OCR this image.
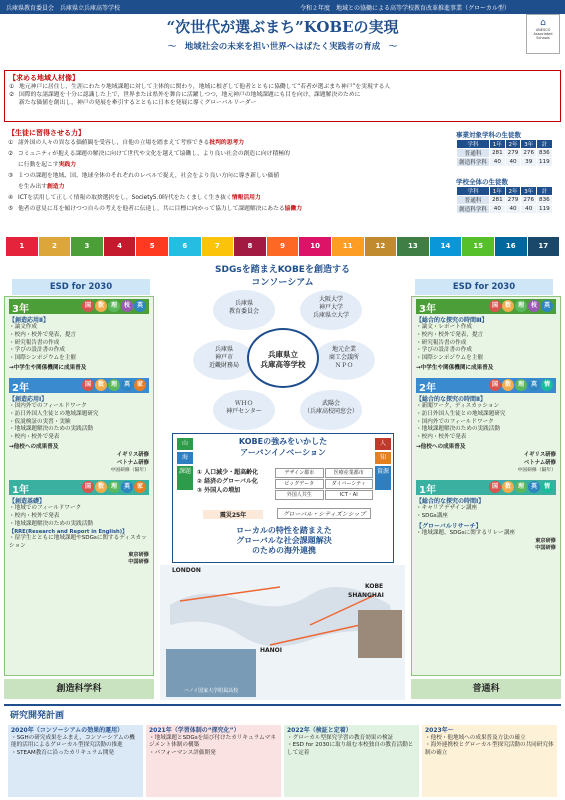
兵庫県教育委員会　兵庫県立兵庫高等学校	令和２年度　地域との協働による高等学校教育改革推進事業（グローカル型）
“次世代が選ぶまち”KOBEの実現
～　地域社会の未来を担い世界へはばたく実践者の育成　～
⌂
UNESCO Associated Schools
【求める地域人材像】
① 地元神戸に居住し，生涯にわたり地域課題に対して主体的に関わり，地域に根ざして他者とともに協働して“若者が選ぶまち神戸”を実現する人
② 国際的な諸課題を十分に認識した上で，世界または県外を舞台に活躍しつつ，地元神戸の地域課題にも目を向け，課題解決のために
新たな価値を創出し，神戸の発展を牽引するとともに日本を発展に導くグローバルリーダー
【生徒に習得させる力】
① 諸外国の人々の異なる価値観を受容し，自他の立場を踏まえて考察できる批判的思考力
② コミュニティが抱える課題の解決に向けて世代や文化を越えて協働し，より良い社会の創造に向け積極的
に行動を起こす実践力
③ １つの課題を地域、国、地球全体のそれぞれのレベルで捉え，社会をより良い方向に導き新しい価値
を生み出す創造力
④ ICTを活用して正しく情報の取捨選択をし，Society5.0時代をたくましく生き抜く情報活用力
⑤ 他者の意見に耳を傾けつつ自らの考えを他者に伝達し，共に目標に向かって協力して課題解決にあたる協働力
事業対象学科の生徒数
学科	1年	2年	3年	計
普通科	281	279	276	836
創造科学科	40	40	39	119
学校全体の生徒数
学科	1年	2年	3年	計
普通科	281	279	276	836
創造科学科	40	40	40	119
1	2	3	4	5	6	7	8	9	10	11	12	13	14	15	16	17
ESD for 2030	ESD for 2030
3年	国 数 理 枝 英
【創造応用Ⅱ】
・論文作成
・校内・校外で発表，提言
・研究報告書の作成
・学びの設計書の作成
・国際シンポジウムを主催
→中学生や関係機関に成果普及
2年	国 数 理 英 家
【創造応用Ⅰ】
・国内外でのフィールドワーク
・訪日外国人生徒との地域課題研究
・仮説検証の実習・実験
・地域課題解決のための実践活動
・校内・校外で発表
→他校への成果普及
イギリス研修
ベトナム研修
中国研修（隔年）
1年	国 数 理 英 家
【創造基礎】
・地域でのフィールドワーク
・校内・校外で発表
・地域課題解決のための実践活動
【RRE(Research and Report in English)】
・留学生とともに地域課題やSDGsに関するディスカッション
東京研修
中国研修
3年	国 数 理 枝 英
【総合的な探究の時間Ⅲ】
・論文・レポート作成
・校内・校外で発表，提言
・研究報告書の作成
・学びの設計書の作成
・国際シンポジウムを主催
→中学生や関係機関に成果普及
2年	国 数 理 英 情
【総合的な探究の時間Ⅱ】
・新聞ワーク，ディスカッション
・訪日外国人生徒との地域課題研究
・国内外でのフィールドワーク
・地域課題解決のための実践活動
・校内・校外で発表
→他校への成果普及
イギリス研修
ベトナム研修
中国研修（隔年）
1年	国 数 理 英 情
【総合的な探究の時間Ⅰ】
・キャリアデザイン講座
・SDGs講座
【グローバルリサーチ】
・地域課題、SDGsに関するリレー講座
東京研修
中国研修
創造科学科	普通科
SDGsを踏まえKOBEを創造する
コンソーシアム
兵庫県
教育委員会
大阪大学
神戸大学
兵庫県立大学
兵庫県
神戸市
近畿財務局
地元企業
商工会議所
ＮＰＯ
ＷＨＯ
神戸センター
武陽会
（兵庫高校同窓会）
兵庫県立
兵庫高等学校
KOBEの強みをいかした
アーバンイノベーション
山
海
課題
人
知
資源
① 人口減少・超高齢化
② 経済のグローバル化
③ 外国人の増加
デザイン都市	医療産業都市
ビッグデータ	ダイバーシティ
外国人共生	ICT・AI
震災25年	グローバル・シティズンシップ
ローカルの特性を踏まえた
グローバルな社会課題解決
のための海外連携
LONDON
KOBE
SHANGHAI
HANOI
ハノイ国家大学附属高校
研究開発計画
2020年（コンソーシアムの効果的運用）
・SGHの研究成果をふまえ，コンソーシアムの機能的活用によるグローカル型探究活動の推進
・STEAM教育に沿ったカリキュラム開発
2021年（学習体制の“探究化”）
・地域課題とSDGsを結び付けたカリキュラムマネジメント体制の構築
・パフォーマンス評価開発
2022年（検証と定着）
・グローカル型探究学習の教育効果の検証
・ESD for 2030に取り組む本校独自の教育活動として定着
2023年～
・他校・他地域への成果普及方法の確立
・海外連携校とグローカル型探究活動の共同研究体制の確立
